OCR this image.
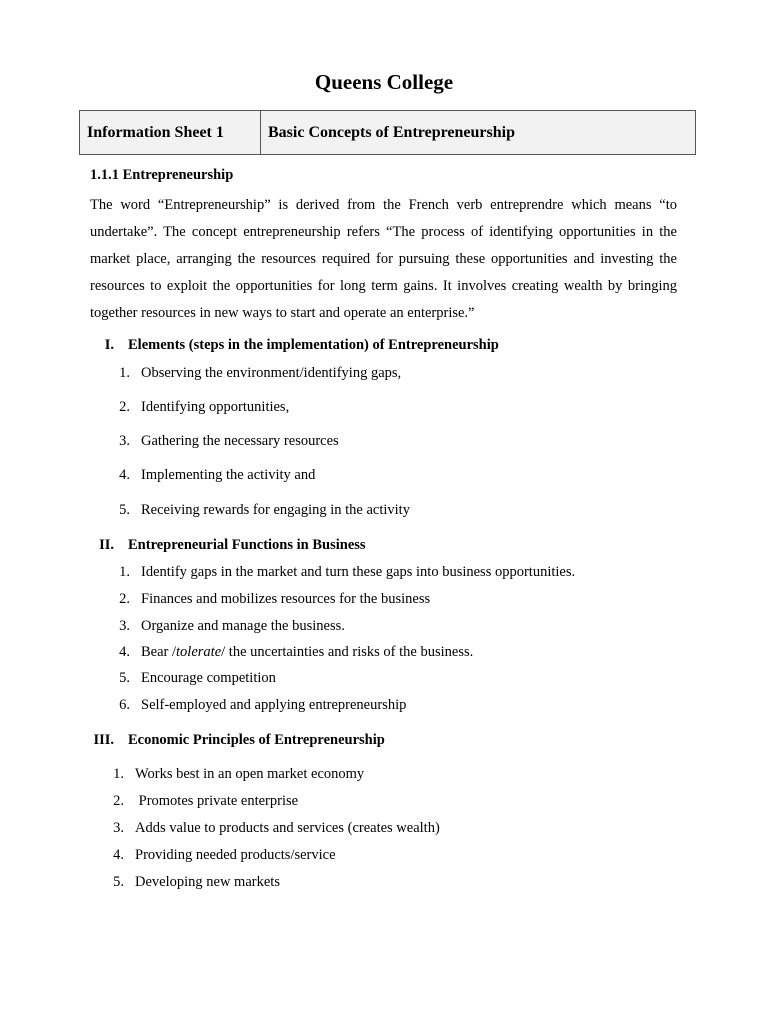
Queens College
Information Sheet 1	Basic Concepts of Entrepreneurship
1.1.1 Entrepreneurship

The word “Entrepreneurship” is derived from the French verb entreprendre which means “to undertake”. The concept entrepreneurship refers “The process of identifying opportunities in the market place, arranging the resources required for pursuing these opportunities and investing the resources to exploit the opportunities for long term gains. It involves creating wealth by bringing together resources in new ways to start and operate an enterprise.”

I. Elements (steps in the implementation) of Entrepreneurship
1. Observing the environment/identifying gaps,
2. Identifying opportunities,
3. Gathering the necessary resources
4. Implementing the activity and
5. Receiving rewards for engaging in the activity
II. Entrepreneurial Functions in Business
1. Identify gaps in the market and turn these gaps into business opportunities.
2. Finances and mobilizes resources for the business
3. Organize and manage the business.
4. Bear /tolerate/ the uncertainties and risks of the business.
5. Encourage competition
6. Self-employed and applying entrepreneurship
III. Economic Principles of Entrepreneurship
1. Works best in an open market economy
2. Promotes private enterprise
3. Adds value to products and services (creates wealth)
4. Providing needed products/service
5. Developing new markets
